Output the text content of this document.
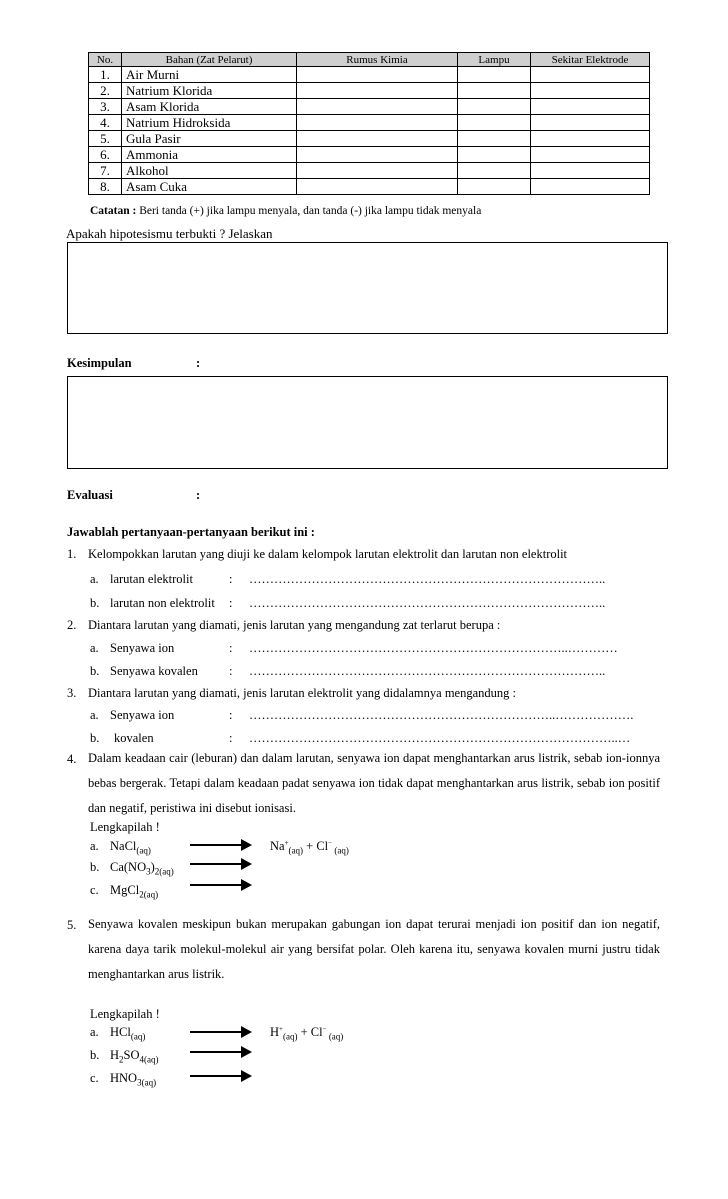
No.	Bahan (Zat Pelarut)	Rumus Kimia	Lampu	Sekitar Elektrode
1.	Air Murni			
2.	Natrium Klorida			
3.	Asam Klorida			
4.	Natrium Hidroksida			
5.	Gula Pasir			
6.	Ammonia			
7.	Alkohol			
8.	Asam Cuka			
Catatan : Beri tanda (+) jika lampu menyala, dan tanda (-) jika lampu tidak menyala
Apakah hipotesismu terbukti ? Jelaskan
Kesimpulan	:
Evaluasi	:
Jawablah pertanyaan-pertanyaan berikut ini :
1. Kelompokkan larutan yang diuji ke dalam kelompok larutan elektrolit dan larutan non elektrolit
a. larutan elektrolit	: …………………………………………………………………………..
b. larutan non elektrolit : …………………………………………………………………………..
2. Diantara larutan yang diamati, jenis larutan yang mengandung zat terlarut berupa :
a. Senyawa ion	: …………………………………………………………………..…………
b. Senyawa kovalen : …………………………………………………………………………..
3. Diantara larutan yang diamati, jenis larutan elektrolit yang didalamnya mengandung :
a. Senyawa ion	: ………………………………………………………………..……………….
b. kovalen	: ……………………………………………………………………………..…
4. Dalam keadaan cair (leburan) dan dalam larutan, senyawa ion dapat menghantarkan arus listrik, sebab ion-ionnya bebas bergerak. Tetapi dalam keadaan padat senyawa ion tidak dapat menghantarkan arus listrik, sebab ion positif dan negatif, peristiwa ini disebut ionisasi.
Lengkapilah !
a. NaCl$_{(aq)}$	$Na^+_{(aq)} + Cl^-$ $_{(aq)}$
b. $Ca(NO_3)_{2(aq)}$
c. MgCl$_{2(aq)}$
5. Senyawa kovalen meskipun bukan merupakan gabungan ion dapat terurai menjadi ion positif dan ion negatif, karena daya tarik molekul-molekul air yang bersifat polar. Oleh karena itu, senyawa kovalen murni justru tidak menghantarkan arus listrik.
Lengkapilah !
a. HCl$_{(aq)}$	$H^+_{(aq)} + Cl^-$ $_{(aq)}$
b. $H_2SO_{4(aq)}$
c. $HNO_{3(aq)}$
